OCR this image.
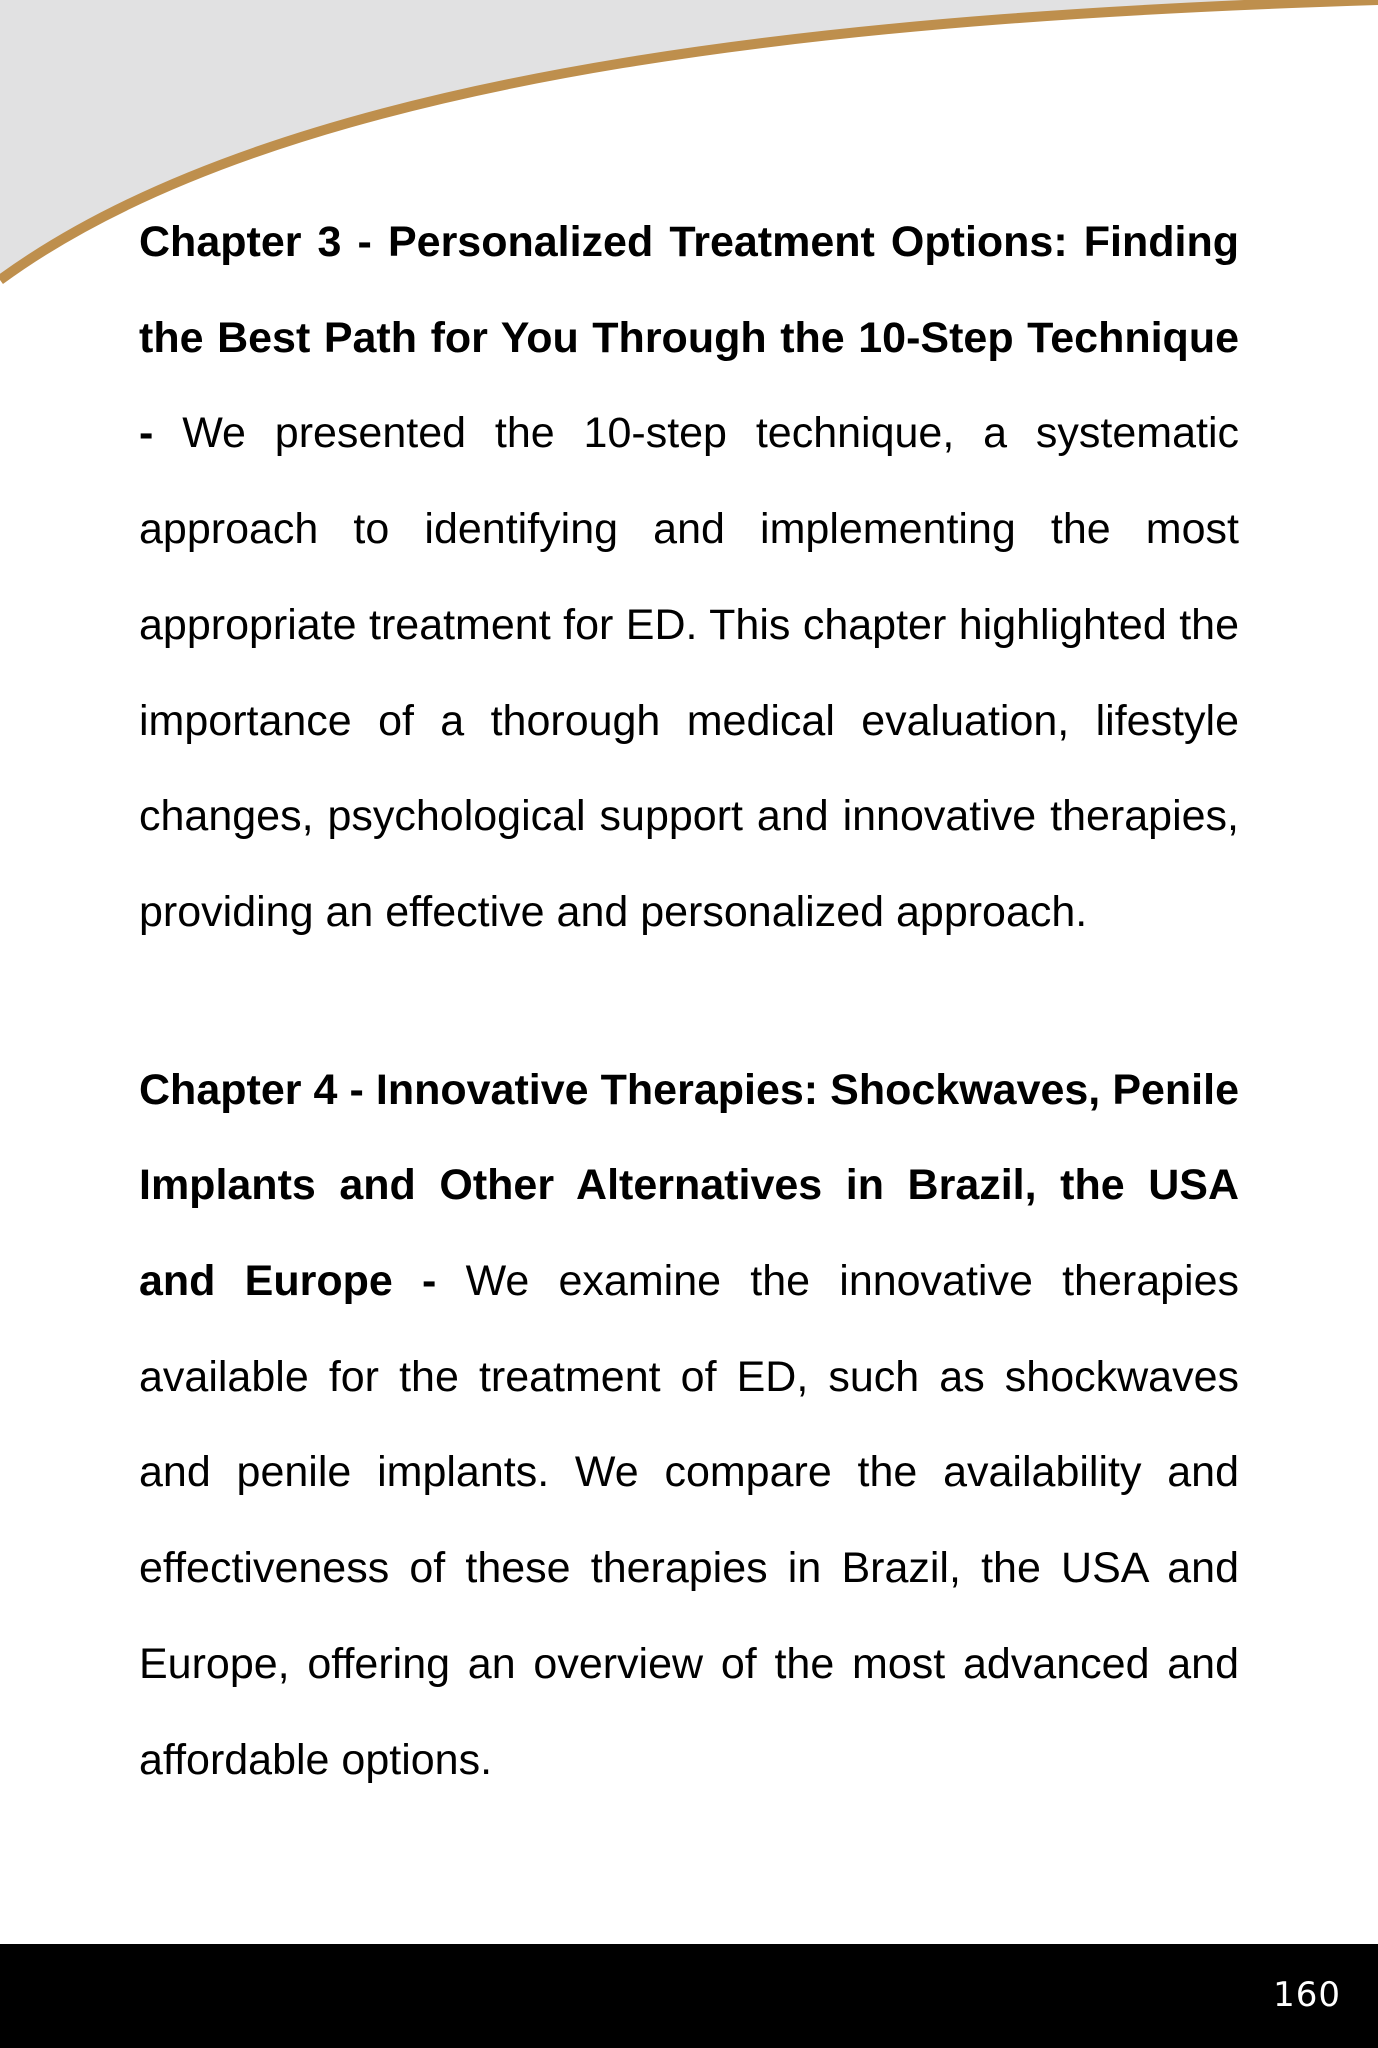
Chapter 3 - Personalized Treatment Options: Finding the Best Path for You Through the 10-Step Technique - We presented the 10-step technique, a systematic approach to identifying and implementing the most appropriate treatment for ED. This chapter highlighted the importance of a thorough medical evaluation, lifestyle changes, psychological support and innovative therapies, providing an effective and personalized approach.

Chapter 4 - Innovative Therapies: Shockwaves, Penile Implants and Other Alternatives in Brazil, the USA and Europe - We examine the innovative therapies available for the treatment of ED, such as shockwaves and penile implants. We compare the availability and effectiveness of these therapies in Brazil, the USA and Europe, offering an overview of the most advanced and affordable options.

160
